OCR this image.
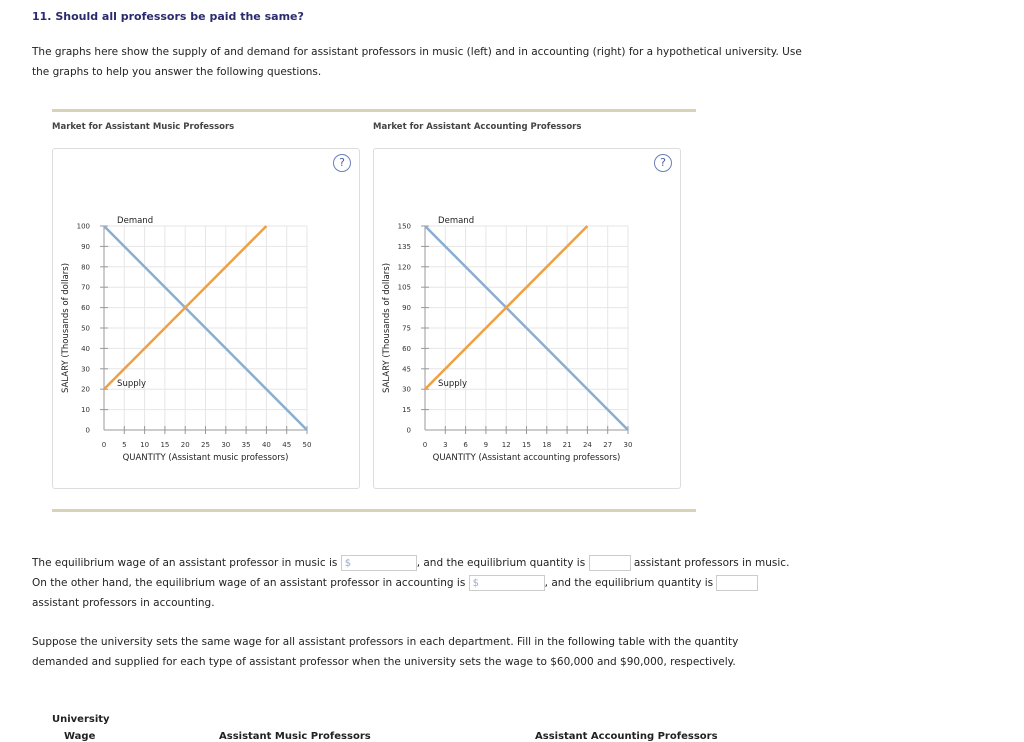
11. Should all professors be paid the same?
The graphs here show the supply of and demand for assistant professors in music (left) and in accounting (right) for a hypothetical university. Use the graphs to help you answer the following questions.
Market for Assistant Music Professors	Market for Assistant Accounting Professors
?
0 5 10 15 20 25 30 35 40 45 50
0
10
20
30
40
50
60
70
80
90
100
QUANTITY (Assistant music professors)
SALARY (Thousands of dollars)
Demand
Supply
?
0 3 6 9 12 15 18 21 24 27 30
0
15
30
45
60
75
90
105
120
135
150
QUANTITY (Assistant accounting professors)
SALARY (Thousands of dollars)
Demand
Supply
The equilibrium wage of an assistant professor in music is $	, and the equilibrium quantity is	assistant professors in music. On the other hand, the equilibrium wage of an assistant professor in accounting is $	, and the equilibrium quantity is  assistant professors in accounting.
Suppose the university sets the same wage for all assistant professors in each department. Fill in the following table with the quantity demanded and supplied for each type of assistant professor when the university sets the wage to $60,000 and $90,000, respectively.
University
Wage	Assistant Music Professors	Assistant Accounting Professors
